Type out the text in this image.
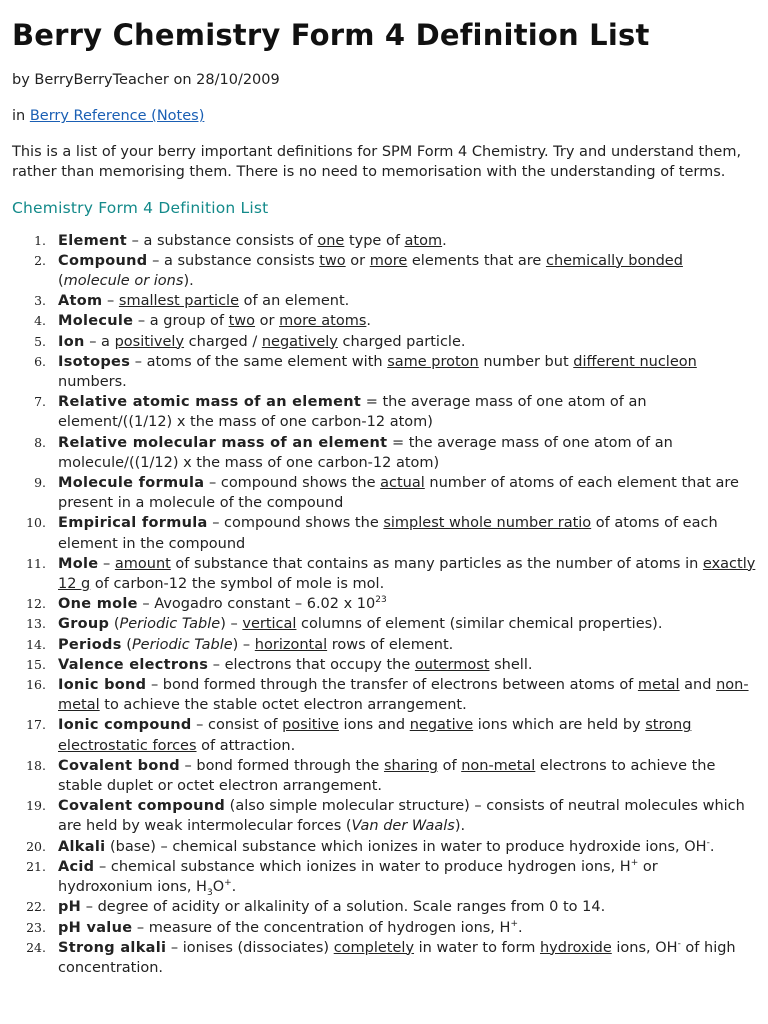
Berry Chemistry Form 4 Definition List

by BerryBerryTeacher on 28/10/2009

in Berry Reference (Notes)

This is a list of your berry important definitions for SPM Form 4 Chemistry. Try and understand them, rather than memorising them. There is no need to memorisation with the understanding of terms.

Chemistry Form 4 Definition List
1. Element – a substance consists of one type of atom.
2. Compound – a substance consists two or more elements that are chemically bonded (molecule or ions).
3. Atom – smallest particle of an element.
4. Molecule – a group of two or more atoms.
5. Ion – a positively charged / negatively charged particle.
6. Isotopes – atoms of the same element with same proton number but different nucleon numbers.
7. Relative atomic mass of an element = the average mass of one atom of an element/((1/12) x the mass of one carbon-12 atom)
8. Relative molecular mass of an element = the average mass of one atom of an molecule/((1/12) x the mass of one carbon-12 atom)
9. Molecule formula – compound shows the actual number of atoms of each element that are present in a molecule of the compound
10. Empirical formula – compound shows the simplest whole number ratio of atoms of each element in the compound
11. Mole – amount of substance that contains as many particles as the number of atoms in exactly 12 g of carbon-12 the symbol of mole is mol.
12. One mole – Avogadro constant – 6.02 x $10^{23}$
13. Group (Periodic Table) – vertical columns of element (similar chemical properties).
14. Periods (Periodic Table) – horizontal rows of element.
15. Valence electrons – electrons that occupy the outermost shell.
16. Ionic bond – bond formed through the transfer of electrons between atoms of metal and non-metal to achieve the stable octet electron arrangement.
17. Ionic compound – consist of positive ions and negative ions which are held by strong electrostatic forces of attraction.
18. Covalent bond – bond formed through the sharing of non-metal electrons to achieve the stable duplet or octet electron arrangement.
19. Covalent compound (also simple molecular structure) – consists of neutral molecules which are held by weak intermolecular forces (Van der Waals).
20. Alkali (base) – chemical substance which ionizes in water to produce hydroxide ions, OH-.
21. Acid – chemical substance which ionizes in water to produce hydrogen ions, H+ or hydroxonium ions, $H_3O^+$.
22. pH – degree of acidity or alkalinity of a solution. Scale ranges from 0 to 14.
23. pH value – measure of the concentration of hydrogen ions, H+.
24. Strong alkali – ionises (dissociates) completely in water to form hydroxide ions, OH- of high concentration.
